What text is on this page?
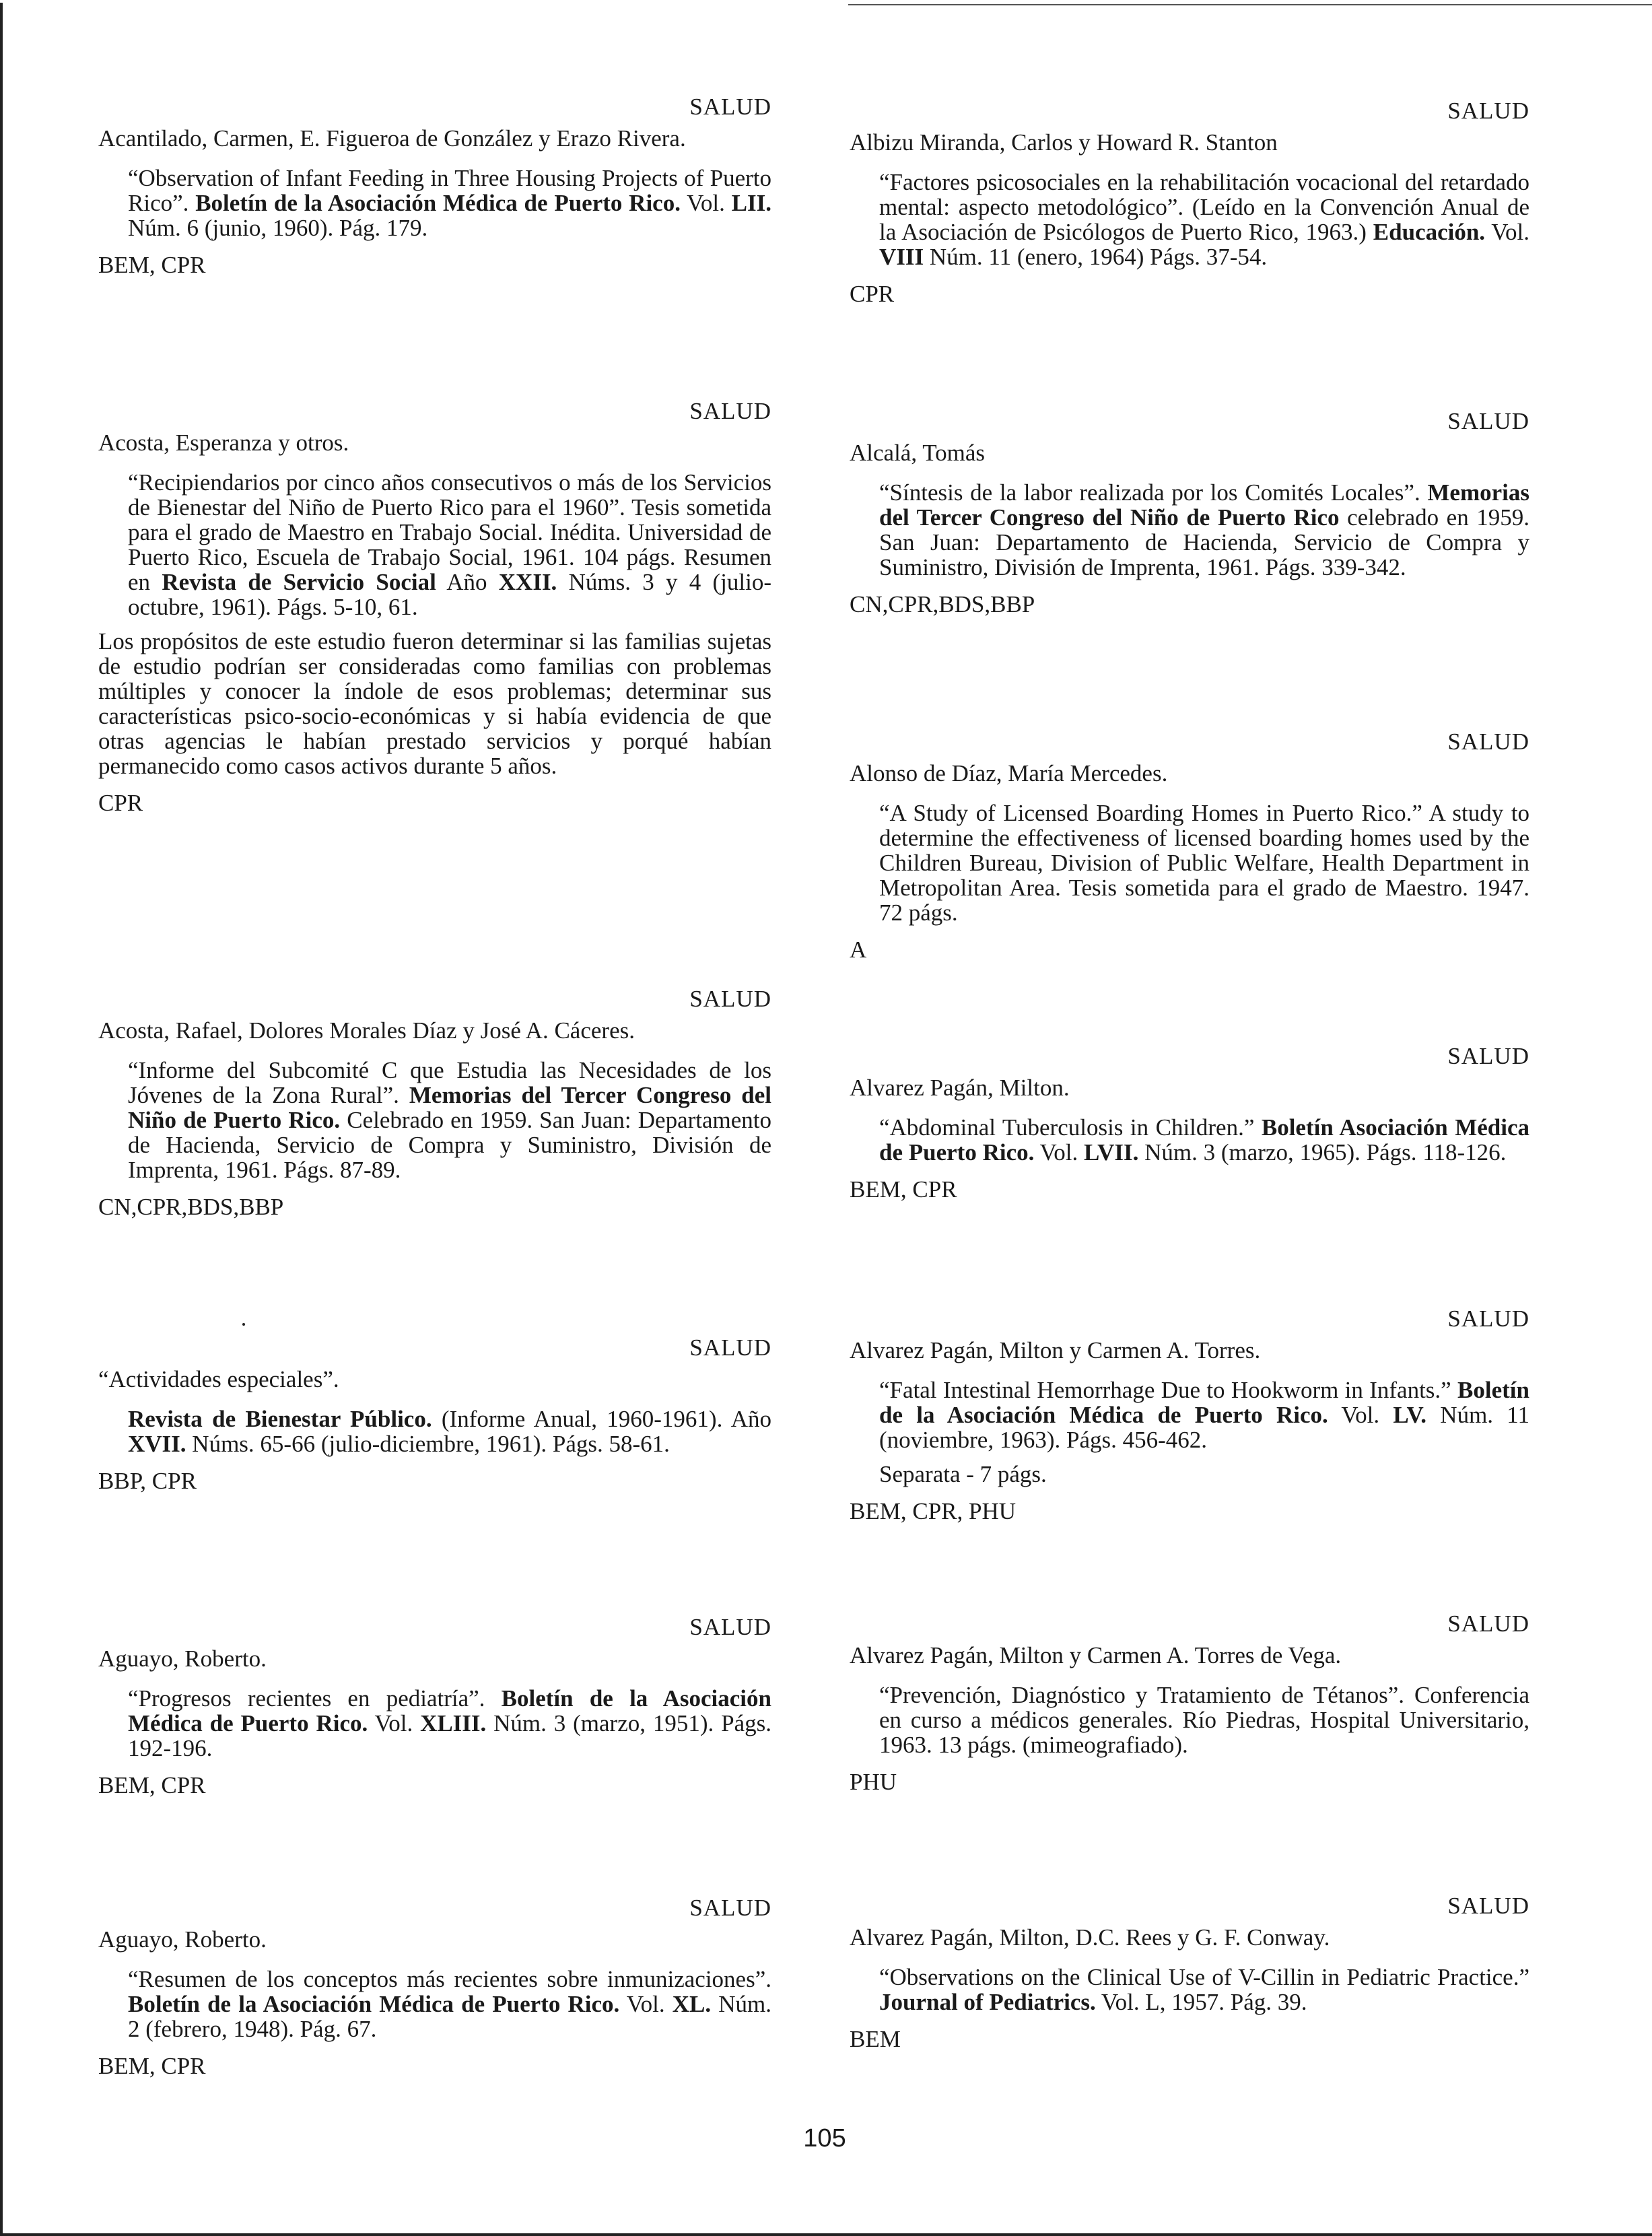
SALUD
Acantilado, Carmen, E. Figueroa de González y Erazo Rivera.
“Observation of Infant Feeding in Three Housing Projects of Puerto Rico”. Boletín de la Asociación Médica de Puerto Rico. Vol. LII. Núm. 6 (junio, 1960). Pág. 179.
BEM, CPR
SALUD
Acosta, Esperanza y otros.
“Recipiendarios por cinco años consecutivos o más de los Servicios de Bienestar del Niño de Puerto Rico para el 1960”. Tesis sometida para el grado de Maestro en Trabajo Social. Inédita. Universidad de Puerto Rico, Escuela de Trabajo Social, 1961. 104 págs. Resumen en Revista de Servicio Social Año XXII. Núms. 3 y 4 (julio-octubre, 1961). Págs. 5-10, 61.
Los propósitos de este estudio fueron determinar si las familias sujetas de estudio podrían ser consideradas como familias con problemas múltiples y conocer la índole de esos problemas; determinar sus características psico-socio-económicas y si había evidencia de que otras agencias le habían prestado servicios y porqué habían permanecido como casos activos durante 5 años.
CPR
SALUD
Acosta, Rafael, Dolores Morales Díaz y José A. Cáceres.
“Informe del Subcomité C que Estudia las Necesidades de los Jóvenes de la Zona Rural”. Memorias del Tercer Congreso del Niño de Puerto Rico. Celebrado en 1959. San Juan: Departamento de Hacienda, Servicio de Compra y Suministro, División de Imprenta, 1961. Págs. 87-89.
CN,CPR,BDS,BBP
SALUD
“Actividades especiales”.
Revista de Bienestar Público. (Informe Anual, 1960-1961). Año XVII. Núms. 65-66 (julio-diciembre, 1961). Págs. 58-61.
BBP, CPR
SALUD
Aguayo, Roberto.
“Progresos recientes en pediatría”. Boletín de la Asociación Médica de Puerto Rico. Vol. XLIII. Núm. 3 (marzo, 1951). Págs. 192-196.
BEM, CPR
SALUD
Aguayo, Roberto.
“Resumen de los conceptos más recientes sobre inmunizaciones”. Boletín de la Asociación Médica de Puerto Rico. Vol. XL. Núm. 2 (febrero, 1948). Pág. 67.
BEM, CPR
SALUD
Albizu Miranda, Carlos y Howard R. Stanton
“Factores psicosociales en la rehabilitación vocacional del retardado mental: aspecto metodológico”. (Leído en la Convención Anual de la Asociación de Psicólogos de Puerto Rico, 1963.) Educación. Vol. VIII Núm. 11 (enero, 1964) Págs. 37-54.
CPR
SALUD
Alcalá, Tomás
“Síntesis de la labor realizada por los Comités Locales”. Memorias del Tercer Congreso del Niño de Puerto Rico celebrado en 1959. San Juan: Departamento de Hacienda, Servicio de Compra y Suministro, División de Imprenta, 1961. Págs. 339-342.
CN,CPR,BDS,BBP
SALUD
Alonso de Díaz, María Mercedes.
“A Study of Licensed Boarding Homes in Puerto Rico.” A study to determine the effectiveness of licensed boarding homes used by the Children Bureau, Division of Public Welfare, Health Department in Metropolitan Area. Tesis sometida para el grado de Maestro. 1947. 72 págs.
A
SALUD
Alvarez Pagán, Milton.
“Abdominal Tuberculosis in Children.” Boletín Asociación Médica de Puerto Rico. Vol. LVII. Núm. 3 (marzo, 1965). Págs. 118-126.
BEM, CPR
SALUD
Alvarez Pagán, Milton y Carmen A. Torres.
“Fatal Intestinal Hemorrhage Due to Hookworm in Infants.” Boletín de la Asociación Médica de Puerto Rico. Vol. LV. Núm. 11 (noviembre, 1963). Págs. 456-462.
Separata - 7 págs.
BEM, CPR, PHU
SALUD
Alvarez Pagán, Milton y Carmen A. Torres de Vega.
“Prevención, Diagnóstico y Tratamiento de Tétanos”. Conferencia en curso a médicos generales. Río Piedras, Hospital Universitario, 1963. 13 págs. (mimeografiado).
PHU
SALUD
Alvarez Pagán, Milton, D.C. Rees y G. F. Conway.
“Observations on the Clinical Use of V-Cillin in Pediatric Practice.” Journal of Pediatrics. Vol. L, 1957. Pág. 39.
BEM
105
